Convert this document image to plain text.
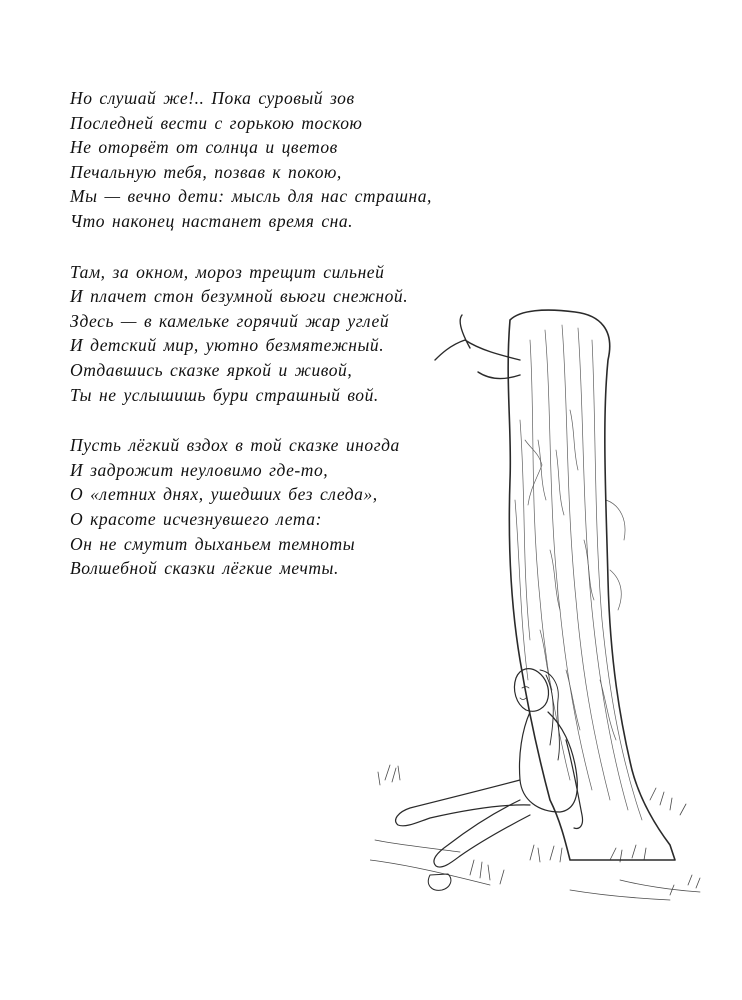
Но слушай же!.. Пока суровый зов
Последней вести с горькою тоскою
Не оторвёт от солнца и цветов
Печальную тебя, позвав к покою,
Мы — вечно дети: мысль для нас страшна,
Что наконец настанет время сна.
Там, за окном, мороз трещит сильней
И плачет стон безумной вьюги снежной.
Здесь — в камельке горячий жар углей
И детский мир, уютно безмятежный.
Отдавшись сказке яркой и живой,
Ты не услышишь бури страшный вой.
Пусть лёгкий вздох в той сказке иногда
И задрожит неуловимо где-то,
О «летних днях, ушедших без следа»,
О красоте исчезнувшего лета:
Он не смутит дыханьем темноты
Волшебной сказки лёгкие мечты.
